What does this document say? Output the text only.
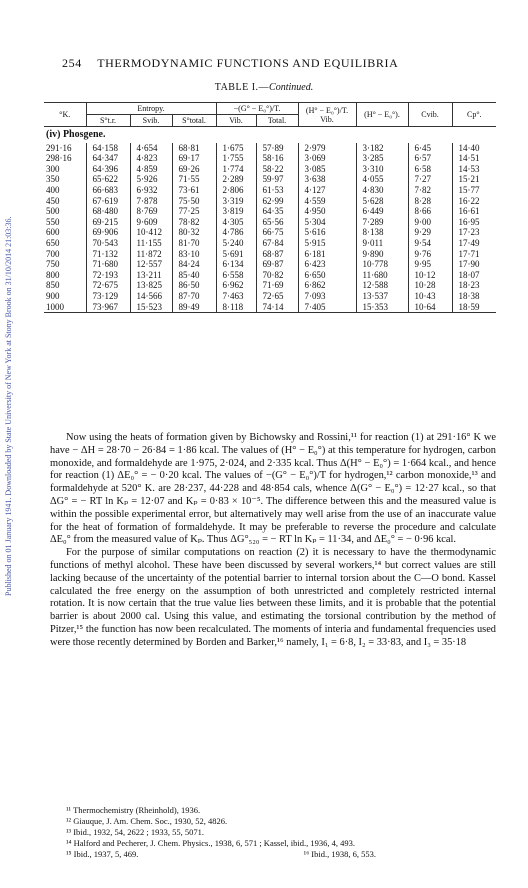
Published on 01 January 1941. Downloaded by State University of New York at Stony Brook on 31/10/2014 21:03:36.
254 THERMODYNAMIC FUNCTIONS AND EQUILIBRIA
TABLE I.—Continued.
°K.	Entropy.			−(G° − E₀°)/T.		(H° − E₀°)/T. Vib.	(H° − E₀°).	Cvib.	Cp°.
	S°t.r.	Svib.	S°total.	Vib.	Total.				
(iv) Phosgene.									
291·16	64·158	4·654	68·81	1·675	57·89	2·979	3·182	6·45	14·40
298·16	64·347	4·823	69·17	1·755	58·16	3·069	3·285	6·57	14·51
300	64·396	4·859	69·26	1·774	58·22	3·085	3·310	6·58	14·53
350	65·622	5·926	71·55	2·289	59·97	3·638	4·055	7·27	15·21
400	66·683	6·932	73·61	2·806	61·53	4·127	4·830	7·82	15·77
450	67·619	7·878	75·50	3·319	62·99	4·559	5·628	8·28	16·22
500	68·480	8·769	77·25	3·819	64·35	4·950	6·449	8·66	16·61
550	69·215	9·609	78·82	4·305	65·56	5·304	7·289	9·00	16·95
600	69·906	10·412	80·32	4·786	66·75	5·616	8·138	9·29	17·23
650	70·543	11·155	81·70	5·240	67·84	5·915	9·011	9·54	17·49
700	71·132	11·872	83·10	5·691	68·87	6·181	9·890	9·76	17·71
750	71·680	12·557	84·24	6·134	69·87	6·423	10·778	9·95	17·90
800	72·193	13·211	85·40	6·558	70·82	6·650	11·680	10·12	18·07
850	72·675	13·825	86·50	6·962	71·69	6·862	12·588	10·28	18·23
900	73·129	14·566	87·70	7·463	72·65	7·093	13·537	10·43	18·38
1000	73·967	15·523	89·49	8·118	74·14	7·405	15·353	10·64	18·59

Now using the heats of formation given by Bichowsky and Rossini,¹¹ for reaction (1) at 291·16° K we have − ΔH = 28·70 − 26·84 = 1·86 kcal. The values of (H° − E₀°) at this temperature for hydrogen, carbon monoxide, and formaldehyde are 1·975, 2·024, and 2·335 kcal. Thus Δ(H° − E₀°) = 1·664 kcal., and hence for reaction (1) ΔE₀° = − 0·20 kcal. The values of −(G° − E₀°)/T for hydrogen,¹² carbon monoxide,¹³ and formaldehyde at 520° K. are 28·237, 44·228 and 48·854 cals, whence Δ(G° − E₀°) = 12·27 kcal., so that ΔG° = − RT ln Kₚ = 12·07 and Kₚ = 0·83 × 10⁻⁵. The difference between this and the measured value is within the possible experimental error, but alternatively may well arise from the use of an inaccurate value for the heat of formation of formaldehyde. It may be preferable to reverse the procedure and calculate ΔE₀° from the measured value of Kₚ. Thus ΔG°₅₂₀ = − RT ln Kₚ = 11·34, and ΔE₀° = − 0·96 kcal.

For the purpose of similar computations on reaction (2) it is necessary to have the thermodynamic functions of methyl alcohol. These have been discussed by several workers,¹⁴ but correct values are still lacking because of the uncertainty of the potential barrier to internal torsion about the C—O bond. Kassel calculated the free energy on the assumption of both unrestricted and completely restricted internal rotation. It is now certain that the true value lies between these limits, and it is probable that the potential barrier is about 2000 cal. Using this value, and estimating the torsional contribution by the method of Pitzer,¹⁵ the function has now been recalculated. The moments of interia and fundamental frequencies used were those recently determined by Borden and Barker,¹⁶ namely, I₁ = 6·8, I₂ = 33·83, and I₃ = 35·18

¹¹ Thermochemistry (Rheinhold), 1936.
¹² Giauque, J. Am. Chem. Soc., 1930, 52, 4826.
¹³ Ibid., 1932, 54, 2622 ; 1933, 55, 5071.
¹⁴ Halford and Pecherer, J. Chem. Physics., 1938, 6, 571 ; Kassel, ibid., 1936, 4, 493.
¹⁵ Ibid., 1937, 5, 469.	¹⁶ Ibid., 1938, 6, 553.
